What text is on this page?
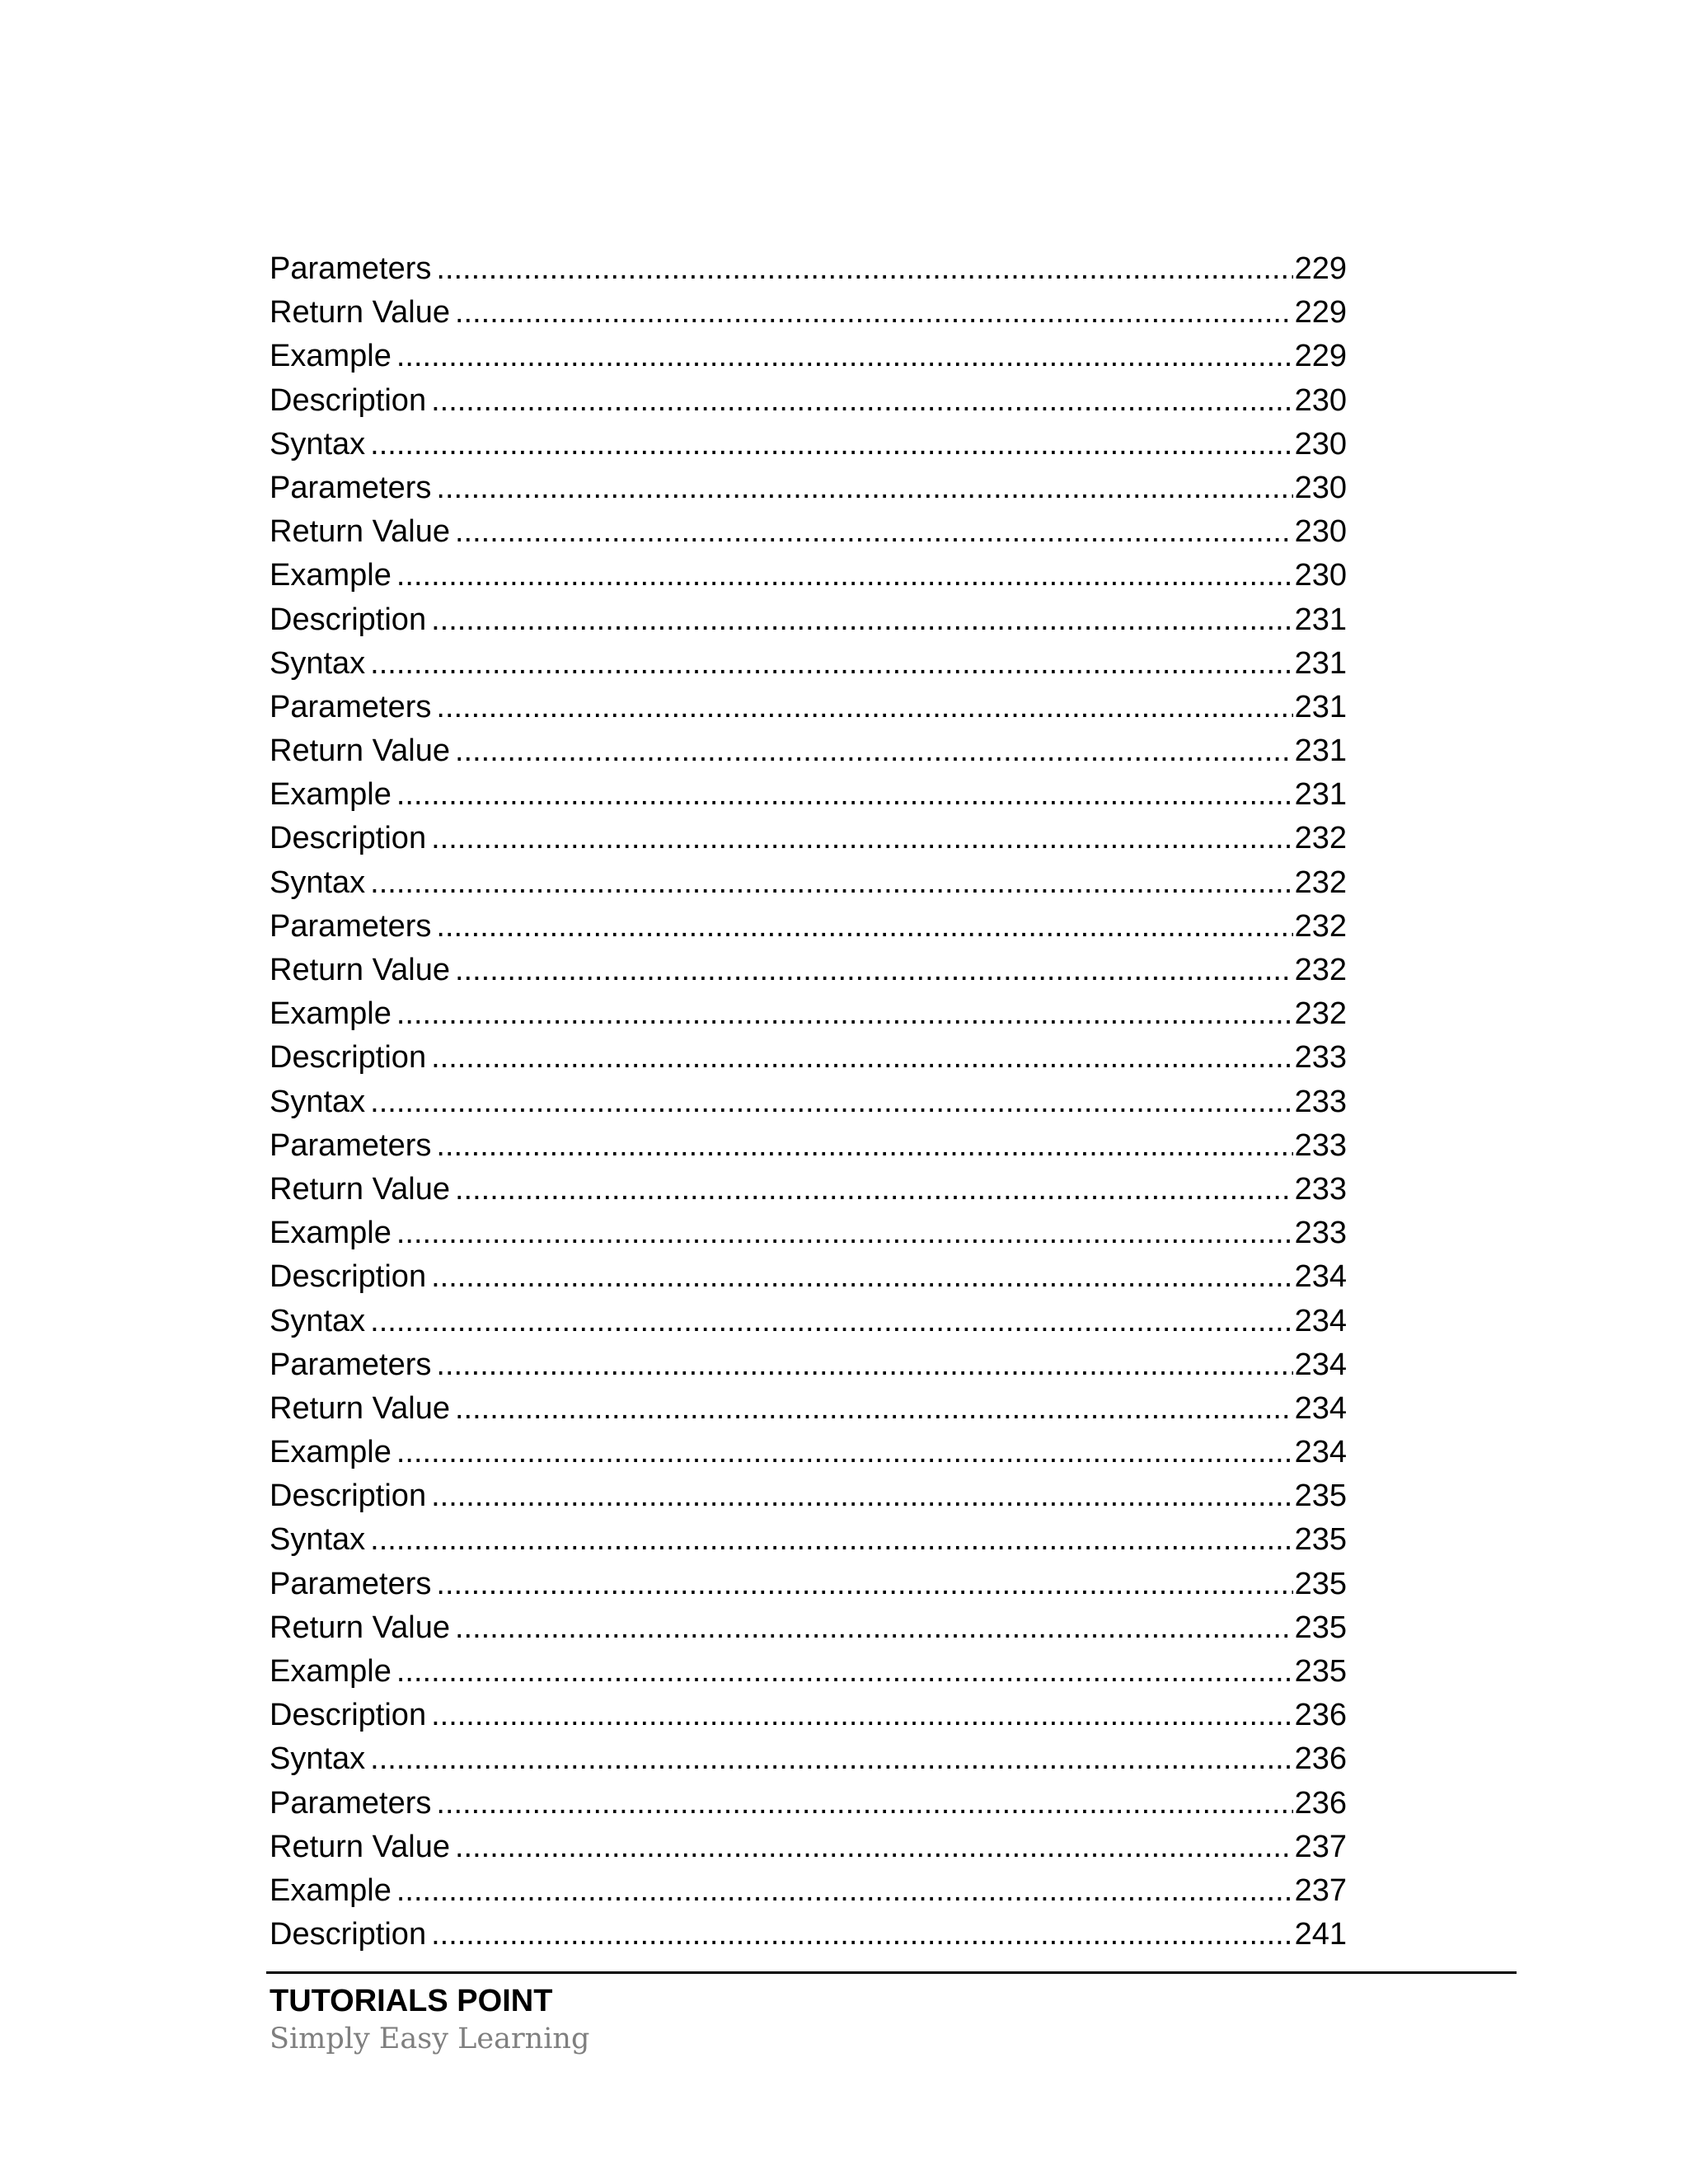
Parameters .....	229
Return Value .....	229
Example .....	229
Description .....	230
Syntax .....	230
Parameters .....	230
Return Value .....	230
Example .....	230
Description .....	231
Syntax .....	231
Parameters .....	231
Return Value .....	231
Example .....	231
Description .....	232
Syntax .....	232
Parameters .....	232
Return Value .....	232
Example .....	232
Description .....	233
Syntax .....	233
Parameters .....	233
Return Value .....	233
Example .....	233
Description .....	234
Syntax .....	234
Parameters .....	234
Return Value .....	234
Example .....	234
Description .....	235
Syntax .....	235
Parameters .....	235
Return Value .....	235
Example .....	235
Description .....	236
Syntax .....	236
Parameters .....	236
Return Value .....	237
Example .....	237
Description .....	241
TUTORIALS POINT
Simply Easy Learning
